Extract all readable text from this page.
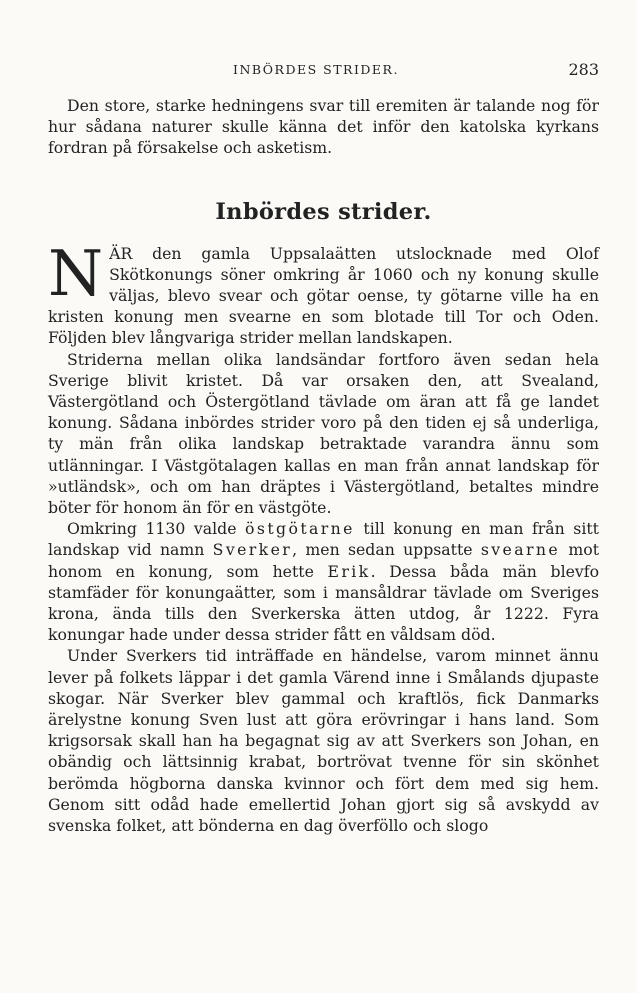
INBÖRDES STRIDER.	283

Den store, starke hedningens svar till eremiten är talande nog för hur sådana naturer skulle känna det inför den katolska kyrkans fordran på försakelse och asketism.

Inbördes strider.

NÄR den gamla Uppsalaätten utslocknade med Olof Skötkonungs söner omkring år 1060 och ny konung skulle väljas, blevo svear och götar oense, ty götarne ville ha en kristen konung men svearne en som blotade till Tor och Oden. Följden blev långvariga strider mellan landskapen.

Striderna mellan olika landsändar fortforo även sedan hela Sverige blivit kristet. Då var orsaken den, att Svealand, Västergötland och Östergötland tävlade om äran att få ge landet konung. Sådana inbördes strider voro på den tiden ej så underliga, ty män från olika landskap betraktade varandra ännu som utlänningar. I Västgötalagen kallas en man från annat landskap för »utländsk», och om han dräptes i Västergötland, betaltes mindre böter för honom än för en västgöte.

Omkring 1130 valde östgötarne till konung en man från sitt landskap vid namn Sverker, men sedan uppsatte svearne mot honom en konung, som hette Erik. Dessa båda män blevfo stamfäder för konungaätter, som i mansåldrar tävlade om Sveriges krona, ända tills den Sverkerska ätten utdog, år 1222. Fyra konungar hade under dessa strider fått en våldsam död.

Under Sverkers tid inträffade en händelse, varom minnet ännu lever på folkets läppar i det gamla Värend inne i Smålands djupaste skogar. När Sverker blev gammal och kraftlös, fick Danmarks ärelystne konung Sven lust att göra erövringar i hans land. Som krigsorsak skall han ha begagnat sig av att Sverkers son Johan, en obändig och lättsinnig krabat, bortrövat tvenne för sin skönhet berömda högborna danska kvinnor och fört dem med sig hem. Genom sitt odåd hade emellertid Johan gjort sig så avskydd av svenska folket, att bönderna en dag överföllo och slogo
